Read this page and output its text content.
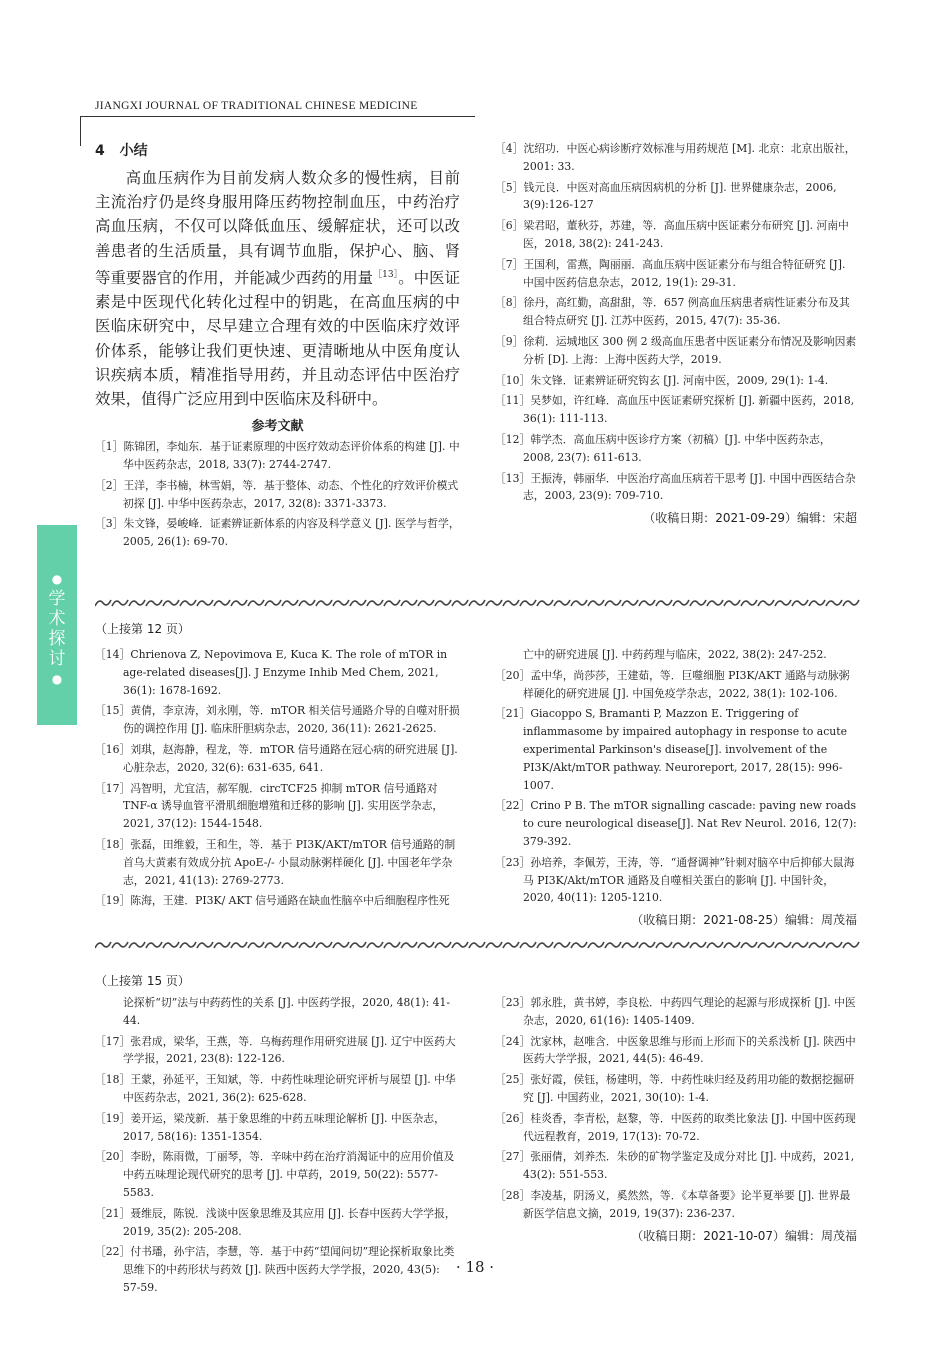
JIANGXI JOURNAL OF TRADITIONAL CHINESE MEDICINE
●
学
术
探
讨
●
4 小结

高血压病作为目前发病人数众多的慢性病，目前主流治疗仍是终身服用降压药物控制血压，中药治疗高血压病，不仅可以降低血压、缓解症状，还可以改善患者的生活质量，具有调节血脂，保护心、脑、肾等重要器官的作用，并能减少西药的用量$^{[13]}$。中医证素是中医现代化转化过程中的钥匙，在高血压病的中医临床研究中，尽早建立合理有效的中医临床疗效评价体系，能够让我们更快速、更清晰地从中医角度认识疾病本质，精准指导用药，并且动态评估中医治疗效果，值得广泛应用到中医临床及科研中。

参考文献

［1］陈锦团，李灿东．基于证素原理的中医疗效动态评价体系的构建 [J]. 中华中医药杂志，2018, 33(7): 2744-2747.

［2］王洋，李书楠，林雪娟，等．基于整体、动态、个性化的疗效评价模式初探 [J]. 中华中医药杂志，2017, 32(8): 3371-3373.

［3］朱文锋，晏峻峰．证素辨证新体系的内容及科学意义 [J]. 医学与哲学，2005, 26(1): 69-70.

［4］沈绍功．中医心病诊断疗效标准与用药规范 [M]. 北京：北京出版社，2001: 33.

［5］钱元良．中医对高血压病因病机的分析 [J]. 世界健康杂志，2006, 3(9):126-127

［6］梁君昭，董秋芬，苏建，等．高血压病中医证素分布研究 [J]. 河南中医，2018, 38(2): 241-243.

［7］王国利，雷燕，陶丽丽．高血压病中医证素分布与组合特征研究 [J]. 中国中医药信息杂志，2012, 19(1): 29-31.

［8］徐丹，高红勤，高甜甜，等．657 例高血压病患者病性证素分布及其组合特点研究 [J]. 江苏中医药，2015, 47(7): 35-36.

［9］徐莉．运城地区 300 例 2 级高血压患者中医证素分布情况及影响因素分析 [D]. 上海：上海中医药大学，2019.

［10］朱文锋．证素辨证研究钩玄 [J]. 河南中医，2009, 29(1): 1-4.

［11］吴梦如，许红峰．高血压中医证素研究探析 [J]. 新疆中医药，2018, 36(1): 111-113.

［12］韩学杰．高血压病中医诊疗方案（初稿）[J]. 中华中医药杂志，2008, 23(7): 611-613.

［13］王振涛，韩丽华．中医治疗高血压病若干思考 [J]. 中国中西医结合杂志，2003, 23(9): 709-710.

（收稿日期：2021-09-29）编辑：宋超
（上接第 12 页）

［14］Chrienova Z, Nepovimova E, Kuca K. The role of mTOR in age-related diseases[J]. J Enzyme Inhib Med Chem, 2021, 36(1): 1678-1692.

［15］黄倩，李京涛，刘永刚，等．mTOR 相关信号通路介导的自噬对肝损伤的调控作用 [J]. 临床肝胆病杂志，2020, 36(11): 2621-2625.

［16］刘琪，赵海静，程龙，等．mTOR 信号通路在冠心病的研究进展 [J]. 心脏杂志，2020, 32(6): 631-635, 641.

［17］冯智明，尤宜洁，郝军舰．circTCF25 抑制 mTOR 信号通路对 TNF-α 诱导血管平滑肌细胞增殖和迁移的影响 [J]. 实用医学杂志，2021, 37(12): 1544-1548.

［18］张磊，田维毅，王和生，等．基于 PI3K/AKT/mTOR 信号通路的制首乌大黄素有效成分抗 ApoE-/- 小鼠动脉粥样硬化 [J]. 中国老年学杂志，2021, 41(13): 2769-2773.

［19］陈海，王建．PI3K/ AKT 信号通路在缺血性脑卒中后细胞程序性死

亡中的研究进展 [J]. 中药药理与临床，2022, 38(2): 247-252.

［20］孟中华，尚莎莎，王建茹，等．巨噬细胞 PI3K/AKT 通路与动脉粥样硬化的研究进展 [J]. 中国免疫学杂志，2022, 38(1): 102-106.

［21］Giacoppo S, Bramanti P, Mazzon E. Triggering of inflammasome by impaired autophagy in response to acute experimental Parkinson's disease[J]. involvement of the PI3K/Akt/mTOR pathway. Neuroreport, 2017, 28(15): 996-1007.

［22］Crino P B. The mTOR signalling cascade: paving new roads to cure neurological disease[J]. Nat Rev Neurol. 2016, 12(7): 379-392.

［23］孙培养，李佩芳，王涛，等．“通督调神”针刺对脑卒中后抑郁大鼠海马 PI3K/Akt/mTOR 通路及自噬相关蛋白的影响 [J]. 中国针灸，2020, 40(11): 1205-1210.

（收稿日期：2021-08-25）编辑：周茂福
（上接第 15 页）

论探析“切”法与中药药性的关系 [J]. 中医药学报，2020, 48(1): 41-44.

［17］张君成，梁华，王燕，等．乌梅药理作用研究进展 [J]. 辽宁中医药大学学报，2021, 23(8): 122-126.

［18］王蒙，孙延平，王知斌，等．中药性味理论研究评析与展望 [J]. 中华中医药杂志，2021, 36(2): 625-628.

［19］姜开运，梁茂新．基于象思维的中药五味理论解析 [J]. 中医杂志，2017, 58(16): 1351-1354.

［20］李盼，陈雨微，丁丽琴，等．辛味中药在治疗消渴证中的应用价值及中药五味理论现代研究的思考 [J]. 中草药，2019, 50(22): 5577-5583.

［21］聂维辰，陈锐．浅谈中医象思维及其应用 [J]. 长春中医药大学学报，2019, 35(2): 205-208.

［22］付书璠，孙宇洁，李慧，等．基于中药“望闻问切”理论探析取象比类思维下的中药形状与药效 [J]. 陕西中医药大学学报，2020, 43(5): 57-59.

［23］郭永胜，黄书婷，李良松．中药四气理论的起源与形成探析 [J]. 中医杂志，2020, 61(16): 1405-1409.

［24］沈家林，赵唯含．中医象思维与形而上形而下的关系浅析 [J]. 陕西中医药大学学报，2021, 44(5): 46-49.

［25］张好霞，侯钰，杨建明，等．中药性味归经及药用功能的数据挖掘研究 [J]. 中国药业，2021, 30(10): 1-4.

［26］桂炎香，李青松，赵黎，等．中医药的取类比象法 [J]. 中国中医药现代远程教育，2019, 17(13): 70-72.

［27］张丽倩，刘养杰．朱砂的矿物学鉴定及成分对比 [J]. 中成药，2021, 43(2): 551-553.

［28］李凌基，阴汤义，奚然然，等．《本草备要》论半夏举要 [J]. 世界最新医学信息文摘，2019, 19(37): 236-237.

（收稿日期：2021-10-07）编辑：周茂福
· 18 ·
